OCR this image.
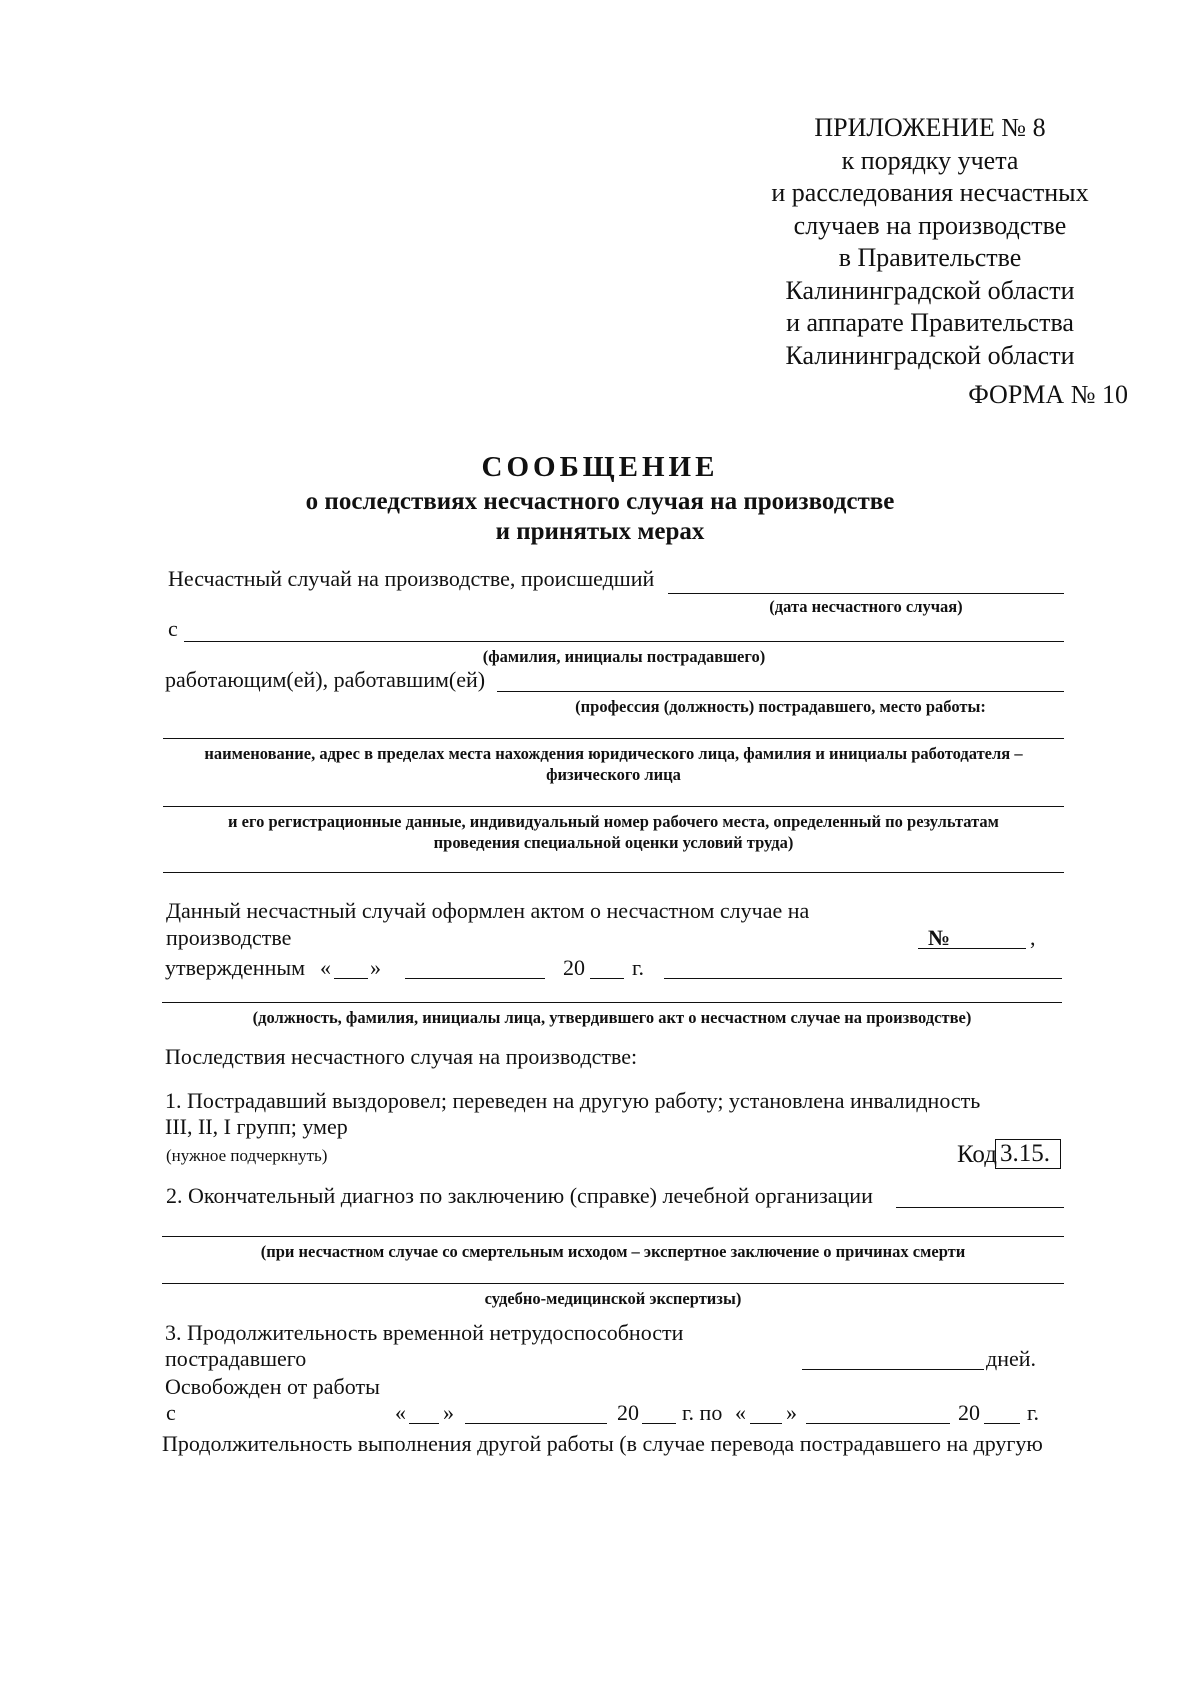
ПРИЛОЖЕНИЕ № 8
к порядку учета
и расследования несчастных
случаев на производстве
в Правительстве
Калининградской области
и аппарате Правительства
Калининградской области
ФОРМА № 10
СООБЩЕНИЕ
о последствиях несчастного случая на производстве
и принятых мерах
Несчастный случай на производстве, происшедший
(дата несчастного случая)
с
(фамилия, инициалы пострадавшего)
работающим(ей), работавшим(ей)
(профессия (должность) пострадавшего, место работы:
наименование, адрес в пределах места нахождения юридического лица, фамилия и инициалы работодателя –
физического лица
и его регистрационные данные, индивидуальный номер рабочего места, определенный по результатам
проведения специальной оценки условий труда)
Данный несчастный случай оформлен актом о несчастном случае на
производстве	№	,
утвержденным « »	20 г.
(должность, фамилия, инициалы лица, утвердившего акт о несчастном случае на производстве)
Последствия несчастного случая на производстве:
1. Пострадавший выздоровел; переведен на другую работу; установлена инвалидность
III, II, I групп; умер
(нужное подчеркнуть)	Код 3.15.
2. Окончательный диагноз по заключению (справке) лечебной организации
(при несчастном случае со смертельным исходом – экспертное заключение о причинах смерти
судебно-медицинской экспертизы)
3. Продолжительность временной нетрудоспособности
пострадавшего	дней.
Освобожден от работы
с	« »	20 г. по « »	20 г.
Продолжительность выполнения другой работы (в случае перевода пострадавшего на другую
